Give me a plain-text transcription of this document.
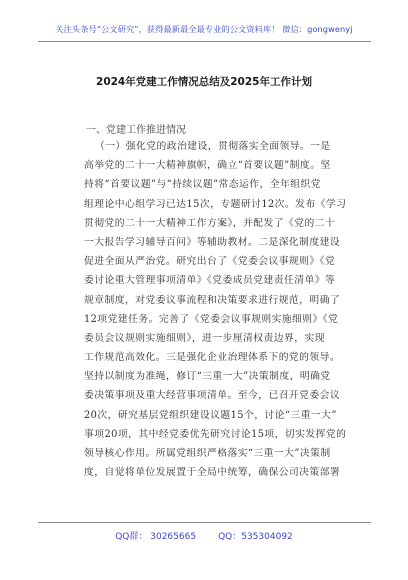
关注头条号“公文研究”，获得最新最全最专业的公文资料库！ 微信：gongwenyj
2024年党建工作情况总结及2025年工作计划
一、党建工作推进情况
（一）强化党的政治建设，贯彻落实全面领导。一是
高举党的二十一大精神旗帜，确立“首要议题”制度。坚
持将“首要议题”与“持续议题”常态运作，全年组织党
组理论中心组学习已达15次，专题研讨12次。发布《学习
贯彻党的二十一大精神工作方案》，并配发了《党的二十
一大报告学习辅导百问》等辅助教材。二是深化制度建设
促进全面从严治党。研究出台了《党委会议事规则》《党
委讨论重大管理事项清单》《党委成员党建责任清单》等
规章制度，对党委议事流程和决策要求进行规范，明确了
12项党建任务。完善了《党委会议事规则实施细则》《党
委员会议规则实施细则》，进一步厘清权责边界，实现
工作规范高效化。三是强化企业治理体系下的党的领导。
坚持以制度为准绳，修订“三重一大”决策制度，明确党
委决策事项及重大经营事项清单。至今，已召开党委会议
20次，研究基层党组织建设议题15个，讨论“三重一大”
事项20项，其中经党委优先研究讨论15项，切实发挥党的
领导核心作用。所属党组织严格落实“三重一大”决策制
度，自觉将单位发展置于全局中统筹，确保公司决策部署
QQ群： 30265665 QQ：535304092
